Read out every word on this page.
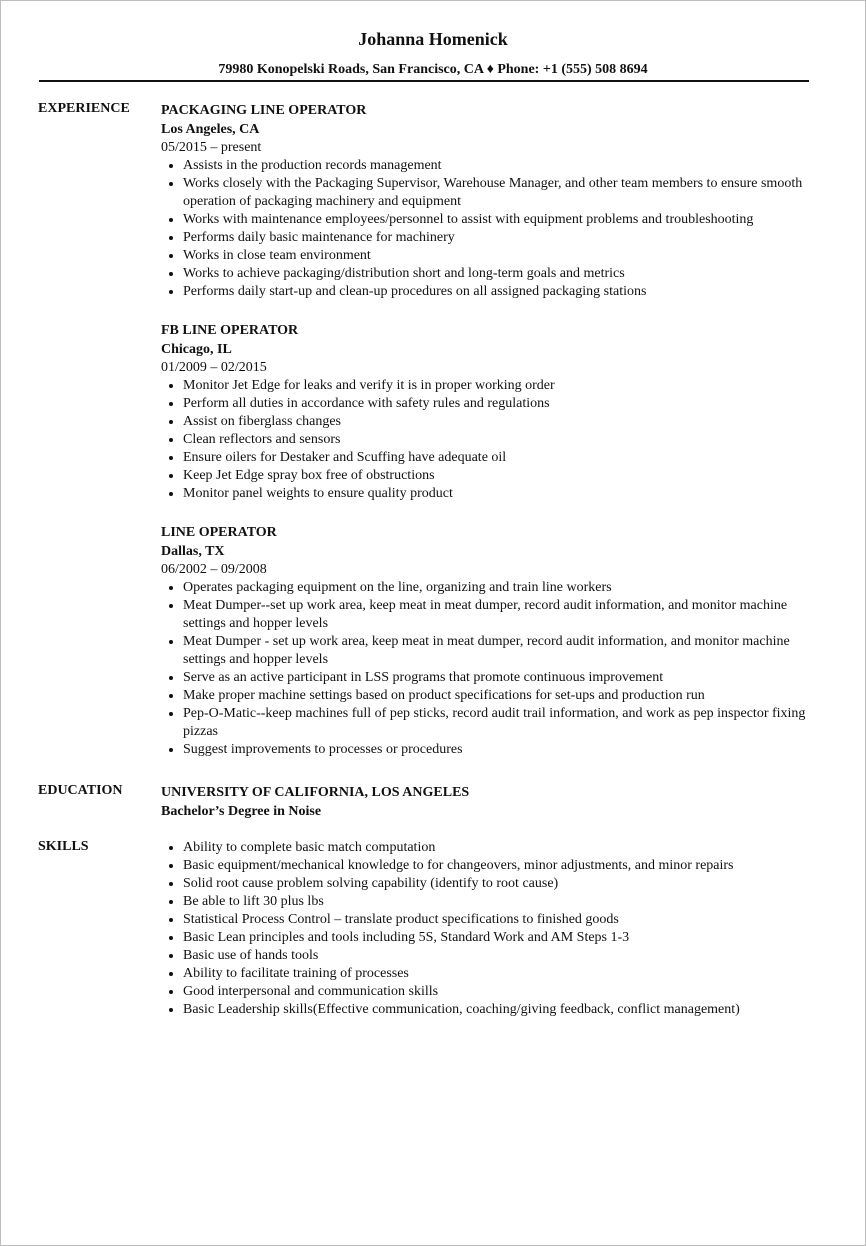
Johanna Homenick
79980 Konopelski Roads, San Francisco, CA ♦ Phone: +1 (555) 508 8694
EXPERIENCE PACKAGING LINE OPERATOR
Los Angeles, CA
05/2015 – present
• Assists in the production records management
• Works closely with the Packaging Supervisor, Warehouse Manager, and other team members to ensure smooth operation of packaging machinery and equipment
• Works with maintenance employees/personnel to assist with equipment problems and troubleshooting
• Performs daily basic maintenance for machinery
• Works in close team environment
• Works to achieve packaging/distribution short and long-term goals and metrics
• Performs daily start-up and clean-up procedures on all assigned packaging stations
FB LINE OPERATOR
Chicago, IL
01/2009 – 02/2015
• Monitor Jet Edge for leaks and verify it is in proper working order
• Perform all duties in accordance with safety rules and regulations
• Assist on fiberglass changes
• Clean reflectors and sensors
• Ensure oilers for Destaker and Scuffing have adequate oil
• Keep Jet Edge spray box free of obstructions
• Monitor panel weights to ensure quality product
LINE OPERATOR
Dallas, TX
06/2002 – 09/2008
• Operates packaging equipment on the line, organizing and train line workers
• Meat Dumper--set up work area, keep meat in meat dumper, record audit information, and monitor machine settings and hopper levels
• Meat Dumper - set up work area, keep meat in meat dumper, record audit information, and monitor machine settings and hopper levels
• Serve as an active participant in LSS programs that promote continuous improvement
• Make proper machine settings based on product specifications for set-ups and production run
• Pep-O-Matic--keep machines full of pep sticks, record audit trail information, and work as pep inspector fixing pizzas
• Suggest improvements to processes or procedures
EDUCATION	UNIVERSITY OF CALIFORNIA, LOS ANGELES
Bachelor’s Degree in Noise
SKILLS
•	Ability to complete basic match computation
• Basic equipment/mechanical knowledge to for changeovers, minor adjustments, and minor repairs
• Solid root cause problem solving capability (identify to root cause)
• Be able to lift 30 plus lbs
• Statistical Process Control – translate product specifications to finished goods
• Basic Lean principles and tools including 5S, Standard Work and AM Steps 1-3
• Basic use of hands tools
• Ability to facilitate training of processes
• Good interpersonal and communication skills
• Basic Leadership skills(Effective communication, coaching/giving feedback, conflict management)
